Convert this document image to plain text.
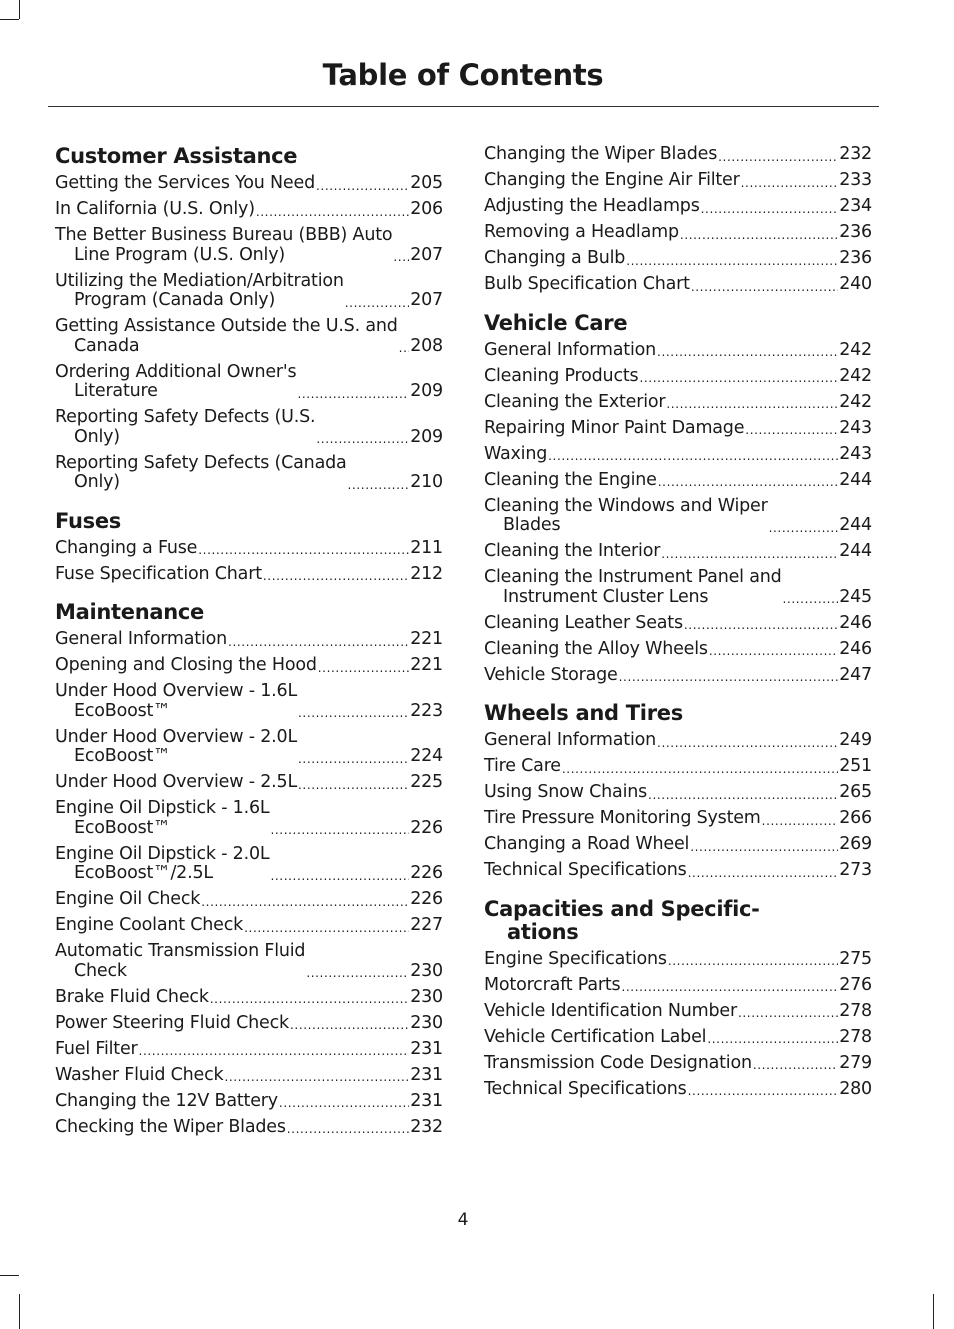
Table of Contents
Customer Assistance
Getting the Services You Need .....	205
In California (U.S. Only) .....	206
The Better Business Bureau (BBB) Auto

Line Program (U.S. Only) .....	207
Utilizing the Mediation/Arbitration

Program (Canada Only) .....	207
Getting Assistance Outside the U.S. and

Canada .....	208
Ordering Additional Owner's

Literature .....	209
Reporting Safety Defects (U.S.

Only) .....	209
Reporting Safety Defects (Canada

Only) .....	210
Fuses
Changing a Fuse .....	211
Fuse Specification Chart .....	212
Maintenance
General Information .....	221
Opening and Closing the Hood .....	221
Under Hood Overview - 1.6L

EcoBoost™ .....	223
Under Hood Overview - 2.0L

EcoBoost™ .....	224
Under Hood Overview - 2.5L .....	225
Engine Oil Dipstick - 1.6L

EcoBoost™ .....	226
Engine Oil Dipstick - 2.0L

EcoBoost™/2.5L .....	226
Engine Oil Check .....	226
Engine Coolant Check .....	227
Automatic Transmission Fluid

Check .....	230
Brake Fluid Check .....	230
Power Steering Fluid Check .....	230
Fuel Filter .....	231
Washer Fluid Check .....	231
Changing the 12V Battery .....	231
Checking the Wiper Blades .....	232
Changing the Wiper Blades .....	232
Changing the Engine Air Filter .....	233
Adjusting the Headlamps .....	234
Removing a Headlamp .....	236
Changing a Bulb .....	236
Bulb Specification Chart .....	240
Vehicle Care
General Information .....	242
Cleaning Products .....	242
Cleaning the Exterior .....	242
Repairing Minor Paint Damage .....	243
Waxing .....	243
Cleaning the Engine .....	244
Cleaning the Windows and Wiper

Blades .....	244
Cleaning the Interior .....	244
Cleaning the Instrument Panel and

Instrument Cluster Lens .....	245
Cleaning Leather Seats .....	246
Cleaning the Alloy Wheels .....	246
Vehicle Storage .....	247
Wheels and Tires
General Information .....	249
Tire Care .....	251
Using Snow Chains .....	265
Tire Pressure Monitoring System .....	266
Changing a Road Wheel .....	269
Technical Specifications .....	273
Capacities and Specific-
ations
Engine Specifications .....	275
Motorcraft Parts .....	276
Vehicle Identification Number .....	278
Vehicle Certification Label .....	278
Transmission Code Designation .....	279
Technical Specifications .....	280
4
